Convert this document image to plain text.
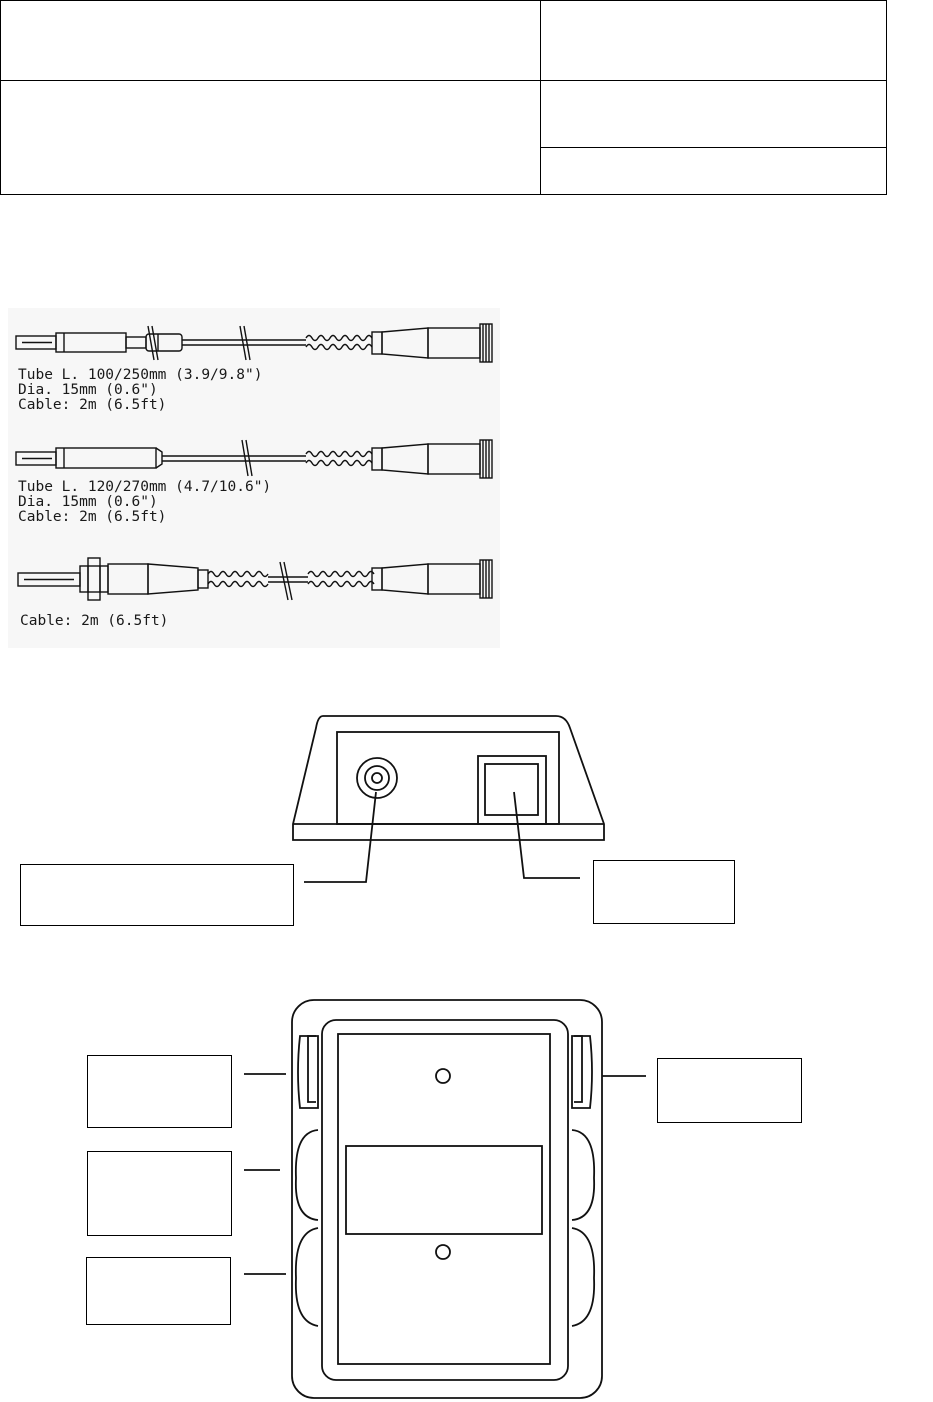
Tube L. 100/250mm (3.9/9.8")
Dia. 15mm (0.6")
Cable: 2m (6.5ft)
Tube L. 120/270mm (4.7/10.6")
Dia. 15mm (0.6")
Cable: 2m (6.5ft)
Cable: 2m (6.5ft)
